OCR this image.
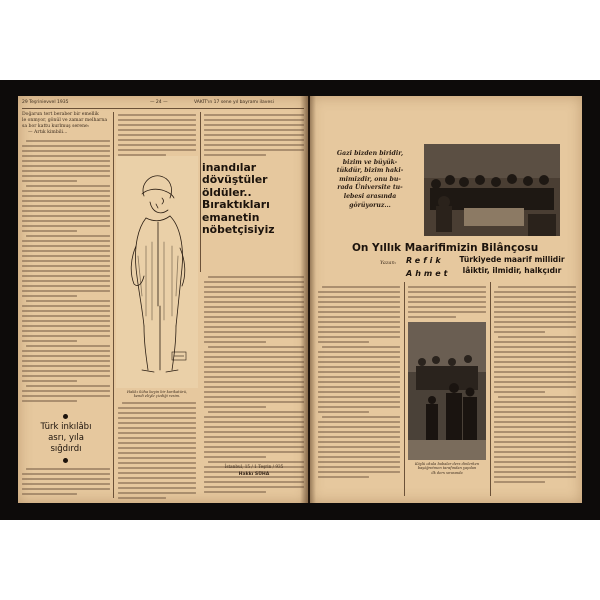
29 Teşrinievvel 1935	— 24 —	VAKİT'ın 17 sene yıl bayramı ilavesi
Doğarun tert beraber bir emellik
le onmyor, gönül ve zamar melharna
sa bor kattu kurlmuş serene:
— Artık kimbili...
Türk inkılâbı
asrı, yıla
sığdırdı
Hakkı Süha beyin bir karikatürü,
kendi eliyle çizdiği resim.
inandılar
dövüştüler
öldüler..
Bıraktıkları
emanetin
nöbetçisiyiz
İstanbul, 15 / 1 Teşrin / 935
Hakkı SÜHA
Gazi bizden biridir,
bizim ve büyük-
tükdür, bizim haki-
mimizdir, onu bu-
rada Üniversite tu-
lebesi arasında
görüyoruz...
On Yıllık Maarifimizin Bilânçosu
Yazan: Refik
Ahmet
Türkiyede maarif millidir
lâiktir, ilmidir, halkçıdır
Köylü okula babalar ders dinlerken
başöğretmen tarafından yapılan
ilk ders sırasında
